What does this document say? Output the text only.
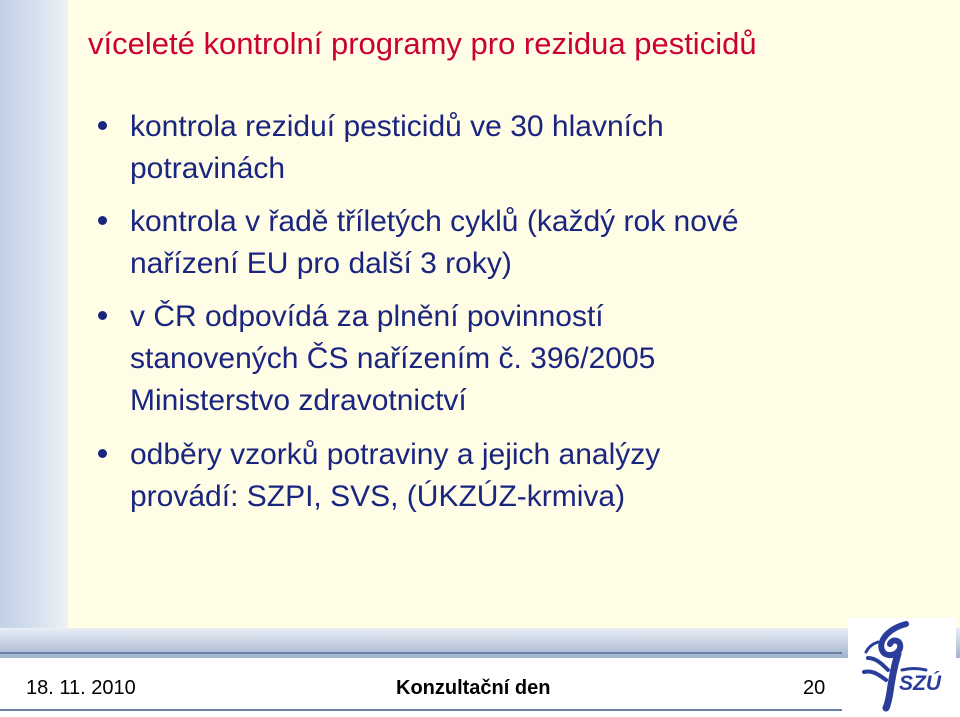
víceleté kontrolní programy pro rezidua pesticidů
kontrola reziduí pesticidů ve 30 hlavních
potravinách
kontrola v řadě tříletých cyklů (každý rok nové
nařízení EU pro další 3 roky)
v ČR odpovídá za plnění povinností
stanovených ČS nařízením č. 396/2005
Ministerstvo zdravotnictví
odběry vzorků potraviny a jejich analýzy
provádí: SZPI, SVS, (ÚKZÚZ-krmiva)
18. 11. 2010	Konzultační den	20	SZÚ
